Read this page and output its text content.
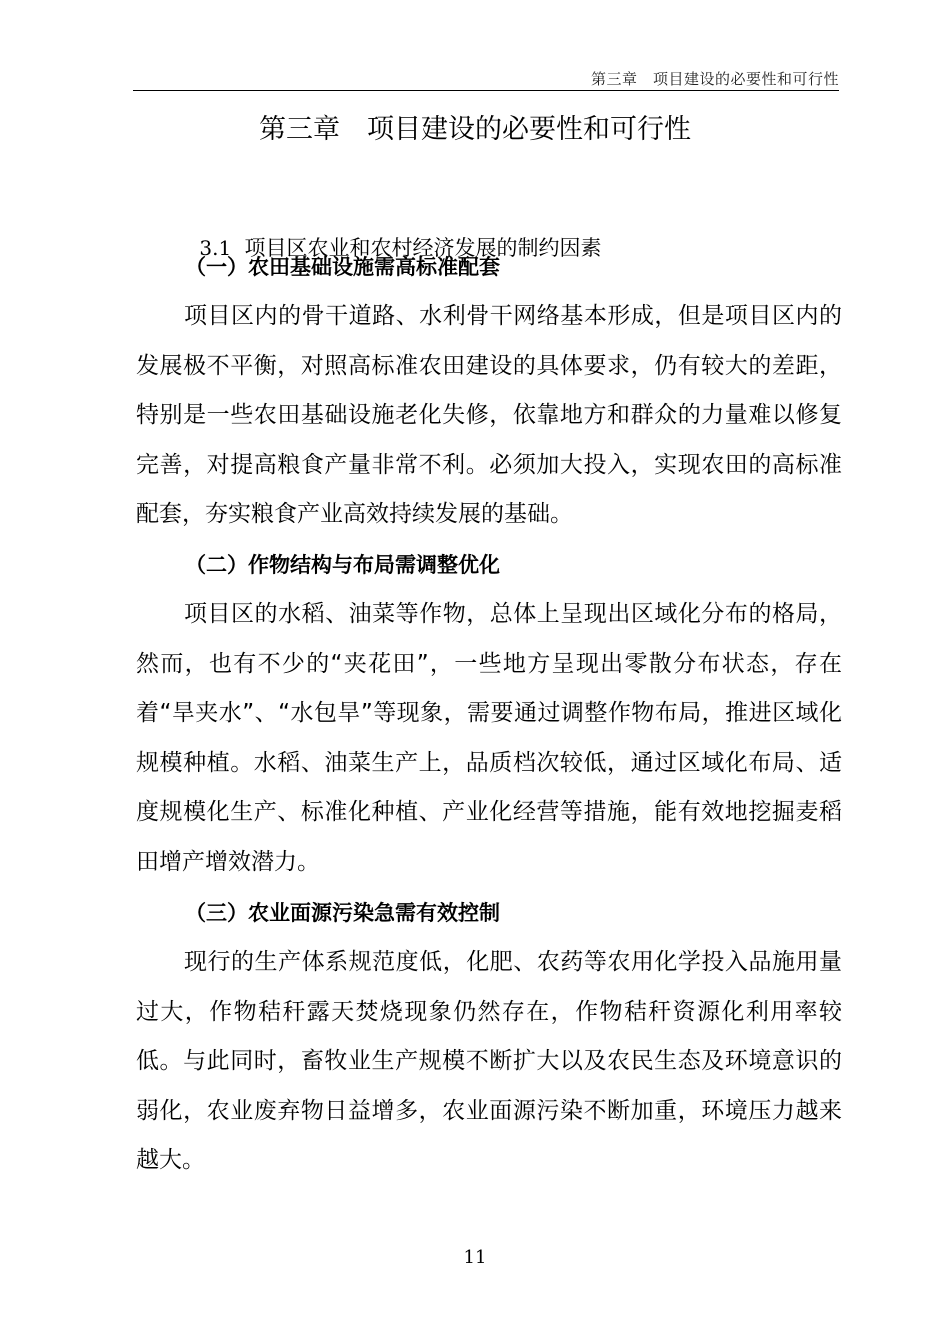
第三章　项目建设的必要性和可行性
第三章　项目建设的必要性和可行性

3.1 项目区农业和农村经济发展的制约因素

（一）农田基础设施需高标准配套

项目区内的骨干道路、水利骨干网络基本形成，但是项目区内的发展极不平衡，对照高标准农田建设的具体要求，仍有较大的差距，特别是一些农田基础设施老化失修，依靠地方和群众的力量难以修复完善，对提高粮食产量非常不利。必须加大投入，实现农田的高标准配套，夯实粮食产业高效持续发展的基础。

（二）作物结构与布局需调整优化

项目区的水稻、油菜等作物，总体上呈现出区域化分布的格局，然而，也有不少的“夹花田”，一些地方呈现出零散分布状态，存在着“旱夹水”、“水包旱”等现象，需要通过调整作物布局，推进区域化规模种植。水稻、油菜生产上，品质档次较低，通过区域化布局、适度规模化生产、标准化种植、产业化经营等措施，能有效地挖掘麦稻田增产增效潜力。

（三）农业面源污染急需有效控制

现行的生产体系规范度低，化肥、农药等农用化学投入品施用量过大，作物秸秆露天焚烧现象仍然存在，作物秸秆资源化利用率较低。与此同时，畜牧业生产规模不断扩大以及农民生态及环境意识的弱化，农业废弃物日益增多，农业面源污染不断加重，环境压力越来越大。

11
